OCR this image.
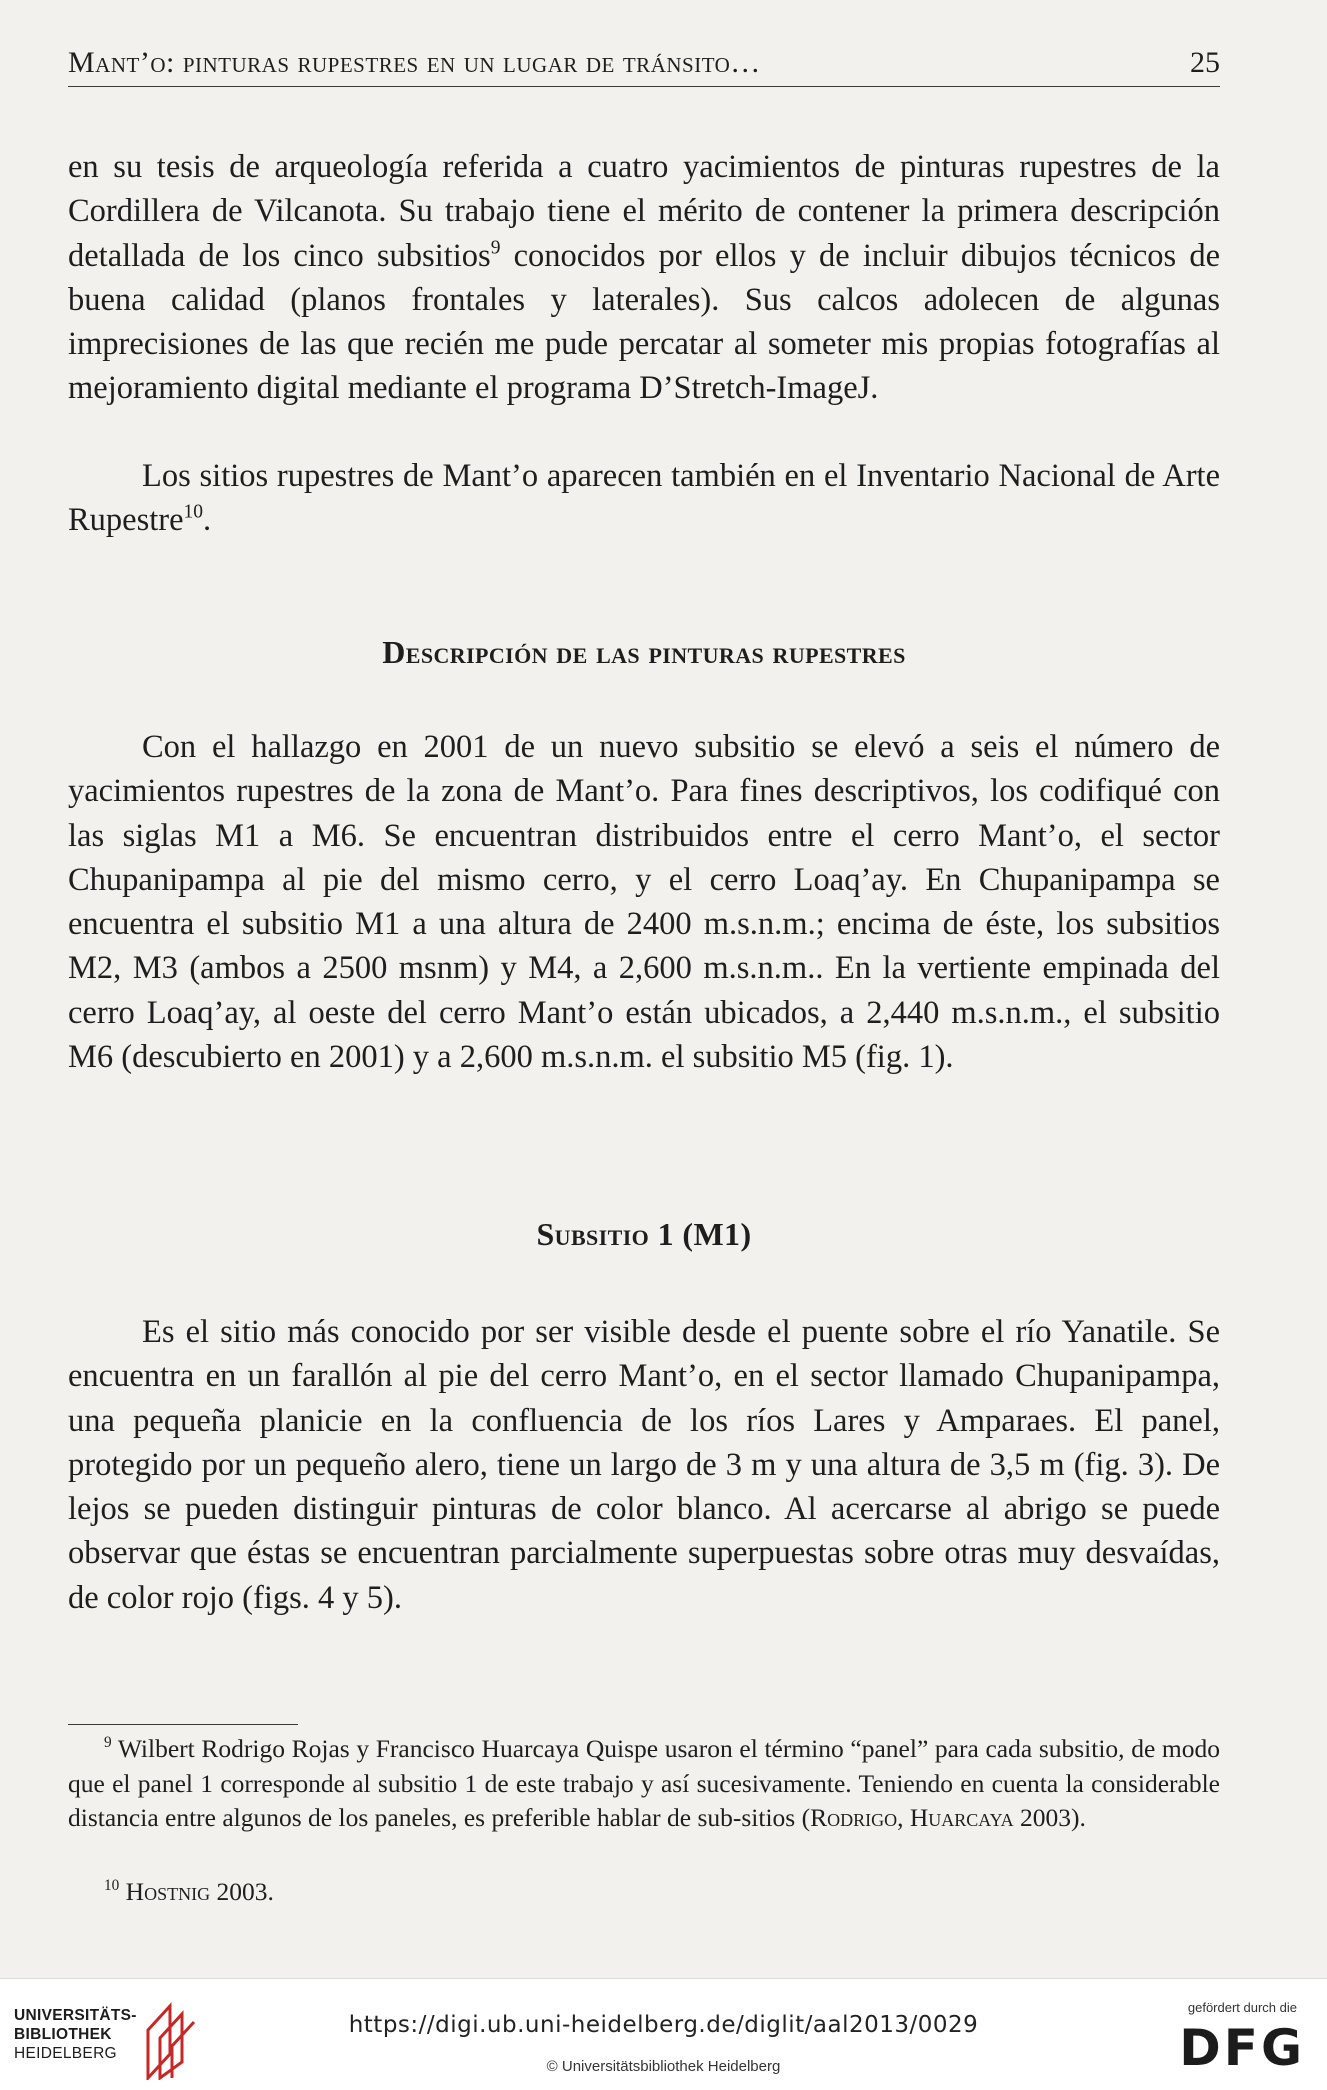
Mant’o: pinturas rupestres en un lugar de tránsito…	25

en su tesis de arqueología referida a cuatro yacimientos de pinturas rupestres de la Cordillera de Vilcanota. Su trabajo tiene el mérito de contener la primera descripción detallada de los cinco subsitios$^9$ conocidos por ellos y de incluir dibujos técnicos de buena calidad (planos frontales y laterales). Sus calcos adolecen de algunas imprecisiones de las que recién me pude percatar al someter mis propias fotografías al mejoramiento digital mediante el programa D’Stretch-ImageJ.

Los sitios rupestres de Mant’o aparecen también en el Inventario Nacional de Arte Rupestre$^{10}$.

Descripción de las pinturas rupestres

Con el hallazgo en 2001 de un nuevo subsitio se elevó a seis el número de yacimientos rupestres de la zona de Mant’o. Para fines descriptivos, los codifiqué con las siglas M1 a M6. Se encuentran distribuidos entre el cerro Mant’o, el sector Chupanipampa al pie del mismo cerro, y el cerro Loaq’ay. En Chupanipampa se encuentra el subsitio M1 a una altura de 2400 m.s.n.m.; encima de éste, los subsitios M2, M3 (ambos a 2500 msnm) y M4, a 2,600 m.s.n.m.. En la vertiente empinada del cerro Loaq’ay, al oeste del cerro Mant’o están ubicados, a 2,440 m.s.n.m., el subsitio M6 (descubierto en 2001) y a 2,600 m.s.n.m. el subsitio M5 (fig. 1).

Subsitio 1 (M1)

Es el sitio más conocido por ser visible desde el puente sobre el río Yanatile. Se encuentra en un farallón al pie del cerro Mant’o, en el sector llamado Chupanipampa, una pequeña planicie en la confluencia de los ríos Lares y Amparaes. El panel, protegido por un pequeño alero, tiene un largo de 3 m y una altura de 3,5 m (fig. 3). De lejos se pueden distinguir pinturas de color blanco. Al acercarse al abrigo se puede observar que éstas se encuentran parcialmente superpuestas sobre otras muy desvaídas, de color rojo (figs. 4 y 5).

$^9$ Wilbert Rodrigo Rojas y Francisco Huarcaya Quispe usaron el término “panel” para cada subsitio, de modo que el panel 1 corresponde al subsitio 1 de este trabajo y así sucesivamente. Teniendo en cuenta la considerable distancia entre algunos de los paneles, es preferible hablar de sub-sitios (Rodrigo, Huarcaya 2003).

$^{10}$ Hostnig 2003.

UNIVERSITÄTS-
BIBLIOTHEK
HEIDELBERG
https://digi.ub.uni-heidelberg.de/diglit/aal2013/0029
© Universitätsbibliothek Heidelberg
gefördert durch die
DFG
